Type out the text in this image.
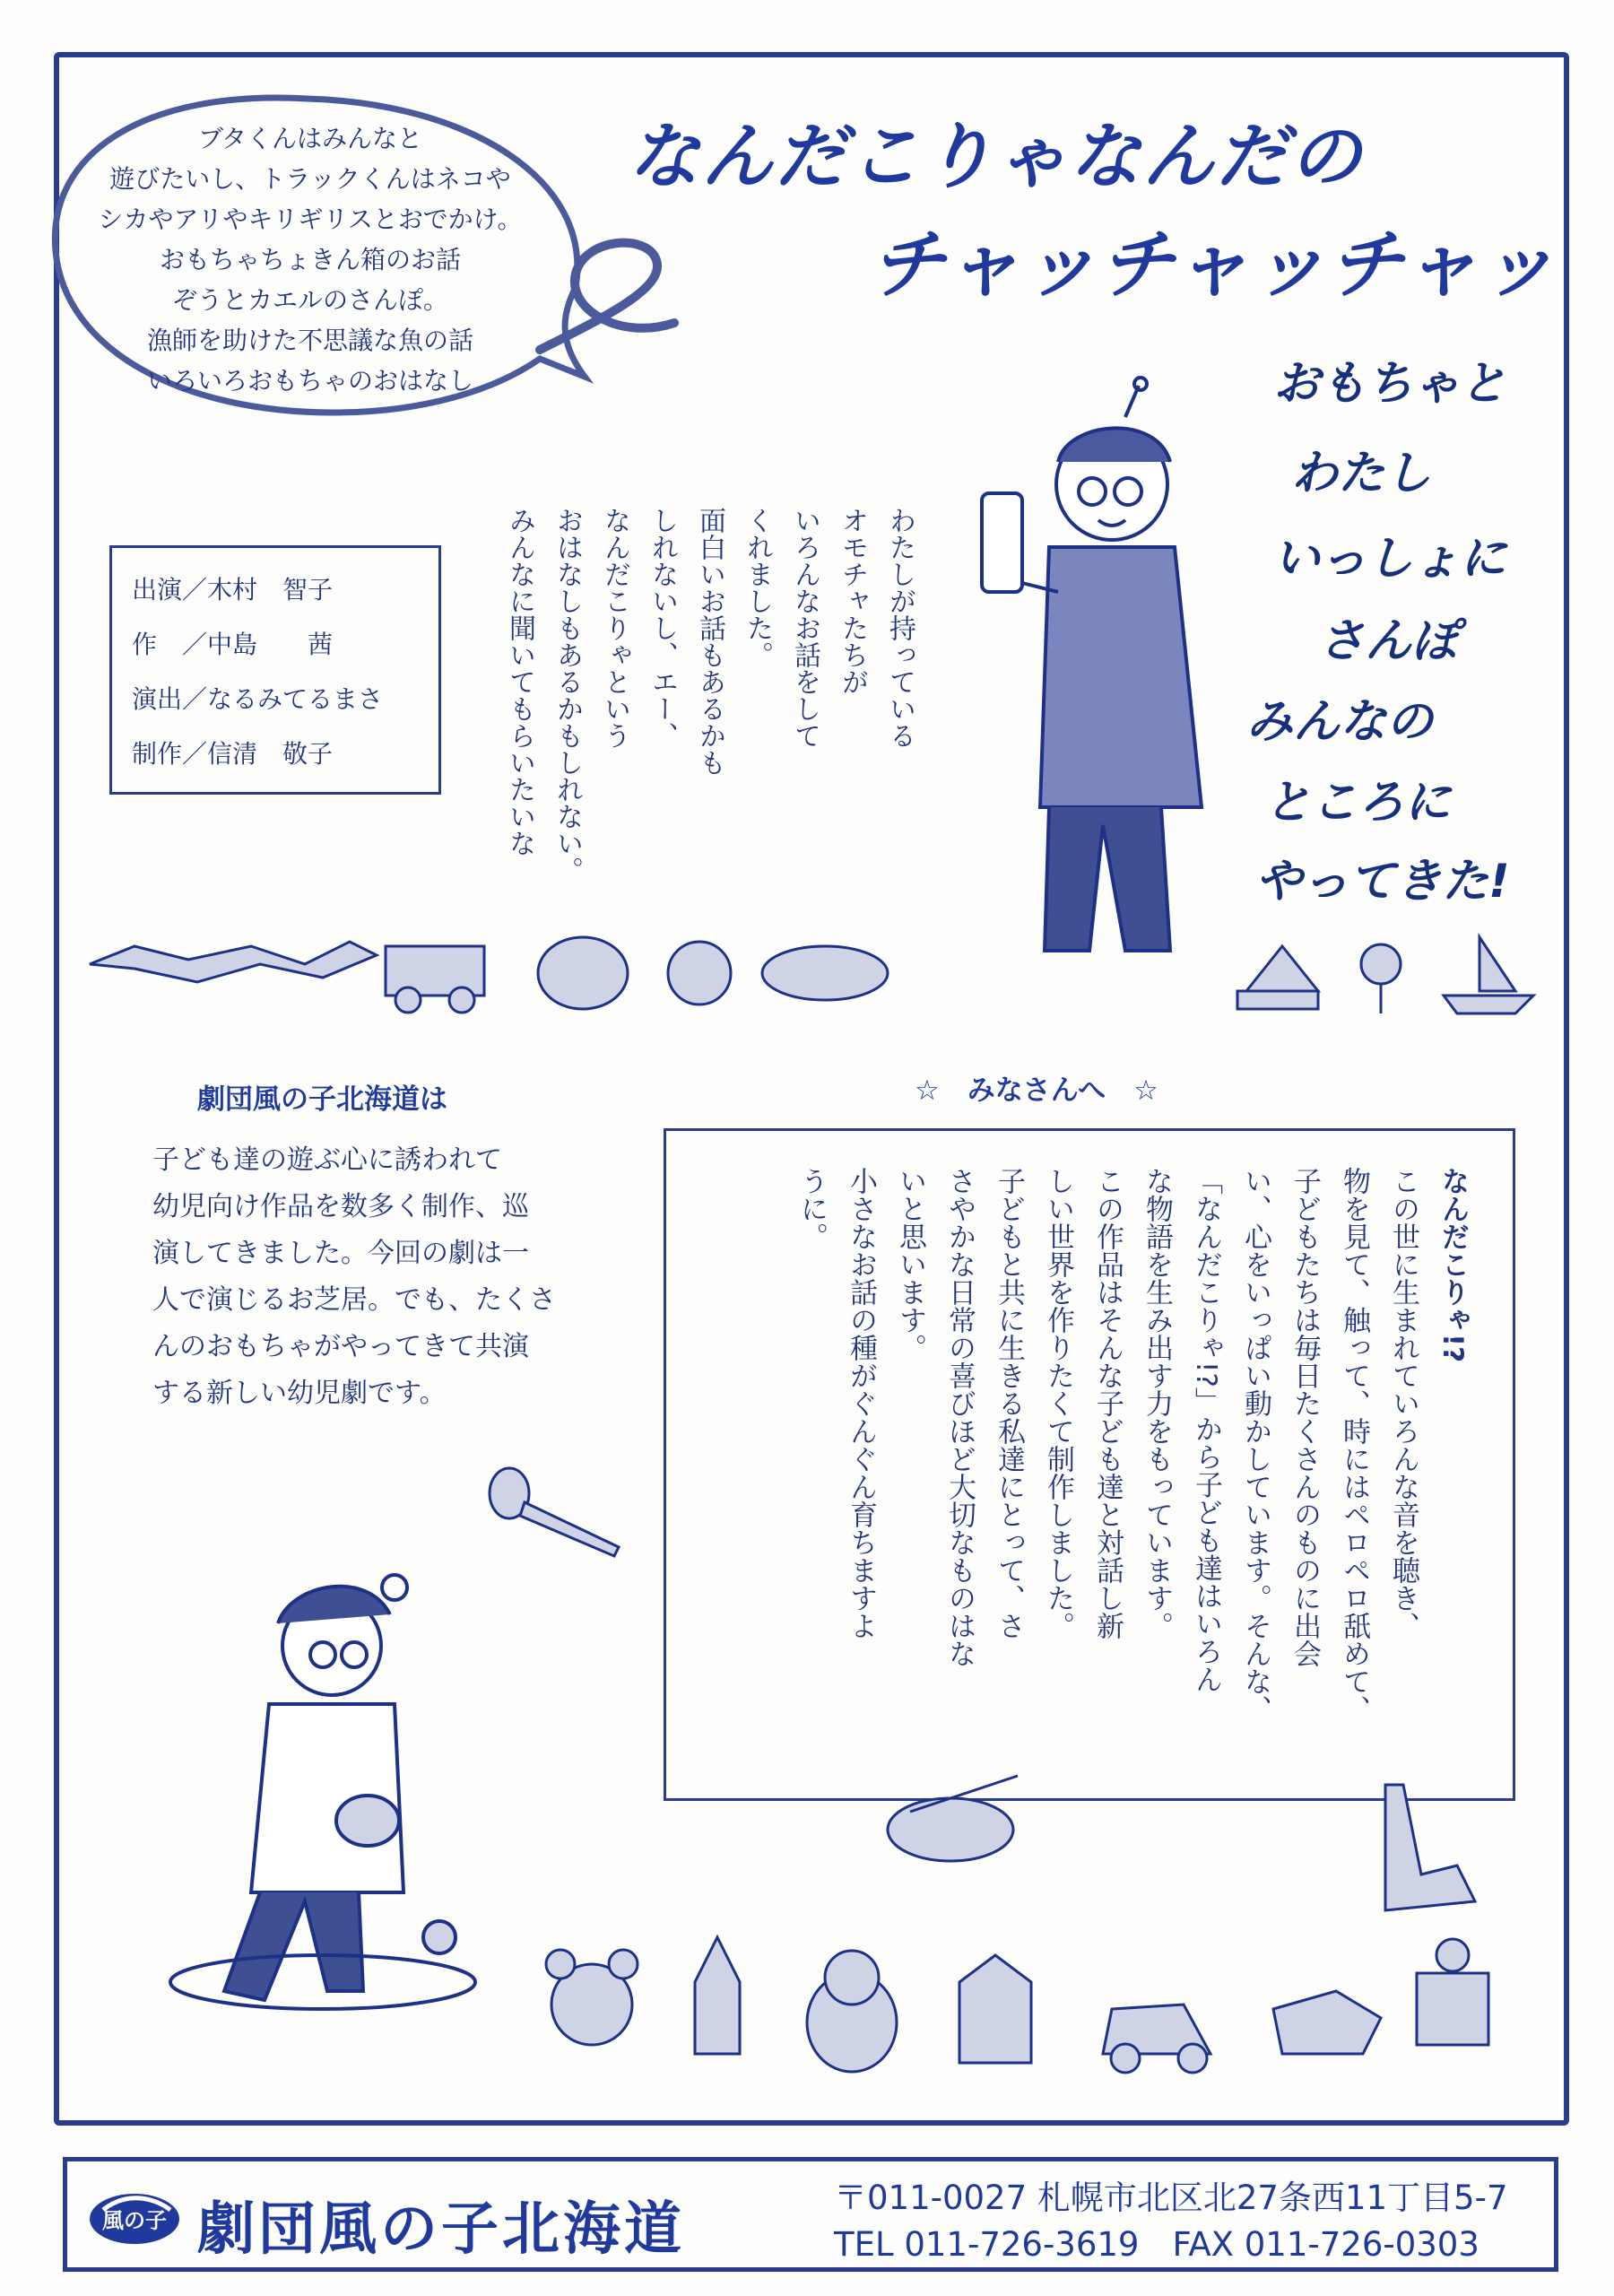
ブタくんはみんなと
遊びたいし、トラックくんはネコや
シカやアリやキリギリスとおでかけ。
おもちゃちょきん箱のお話
ぞうとカエルのさんぽ。
漁師を助けた不思議な魚の話
いろいろおもちゃのおはなし
なんだこりゃなんだの
チャッチャッチャッ
おもちゃと
わたし
いっしょに
さんぽ
みんなの
ところに
やってきた!
出演／木村　智子
作　／中島　　茜
演出／なるみてるまさ
制作／信清　敬子
わたしが持っている
オモチャたちが
いろんなお話をして
くれました。
面白いお話もあるかも
しれないし、エー、
なんだこりゃという
おはなしもあるかもしれない。
みんなに聞いてもらいたいな
劇団風の子北海道は
子ども達の遊ぶ心に誘われて
幼児向け作品を数多く制作、巡
演してきました。今回の劇は一
人で演じるお芝居。でも、たくさ
んのおもちゃがやってきて共演
する新しい幼児劇です。
☆　みなさんへ　☆
なんだこりゃ!?
この世に生まれていろんな音を聴き、
物を見て、触って、時にはペロペロ舐めて、
子どもたちは毎日たくさんのものに出会
い、心をいっぱい動かしています。そんな、
「なんだこりゃ!?」から子ども達はいろん
な物語を生み出す力をもっています。
この作品はそんな子ども達と対話し新
しい世界を作りたくて制作しました。
子どもと共に生きる私達にとって、さ
さやかな日常の喜びほど大切なものはな
いと思います。
小さなお話の種がぐんぐん育ちますよ
うに。
風の子 劇団風の子北海道	〒011-0027 札幌市北区北27条西11丁目5-7
TEL 011-726-3619　FAX 011-726-0303
